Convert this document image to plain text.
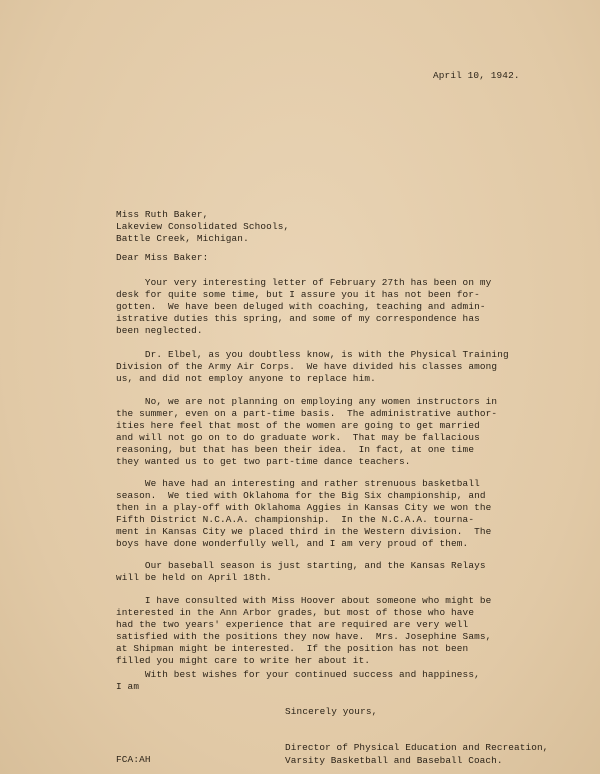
April 10, 1942.
Miss Ruth Baker,
Lakeview Consolidated Schools,
Battle Creek, Michigan.
Dear Miss Baker:
Your very interesting letter of February 27th has been on my
desk for quite some time, but I assure you it has not been for-
gotten.  We have been deluged with coaching, teaching and admin-
istrative duties this spring, and some of my correspondence has
been neglected.
Dr. Elbel, as you doubtless know, is with the Physical Training
Division of the Army Air Corps.  We have divided his classes among
us, and did not employ anyone to replace him.
No, we are not planning on employing any women instructors in
the summer, even on a part-time basis.  The administrative author-
ities here feel that most of the women are going to get married
and will not go on to do graduate work.  That may be fallacious
reasoning, but that has been their idea.  In fact, at one time
they wanted us to get two part-time dance teachers.
We have had an interesting and rather strenuous basketball
season.  We tied with Oklahoma for the Big Six championship, and
then in a play-off with Oklahoma Aggies in Kansas City we won the
Fifth District N.C.A.A. championship.  In the N.C.A.A. tourna-
ment in Kansas City we placed third in the Western division.  The
boys have done wonderfully well, and I am very proud of them.
Our baseball season is just starting, and the Kansas Relays
will be held on April 18th.
I have consulted with Miss Hoover about someone who might be
interested in the Ann Arbor grades, but most of those who have
had the two years' experience that are required are very well
satisfied with the positions they now have.  Mrs. Josephine Sams,
at Shipman might be interested.  If the position has not been
filled you might care to write her about it.
With best wishes for your continued success and happiness,
I am
Sincerely yours,
Director of Physical Education and Recreation,
Varsity Basketball and Baseball Coach.
FCA:AH
